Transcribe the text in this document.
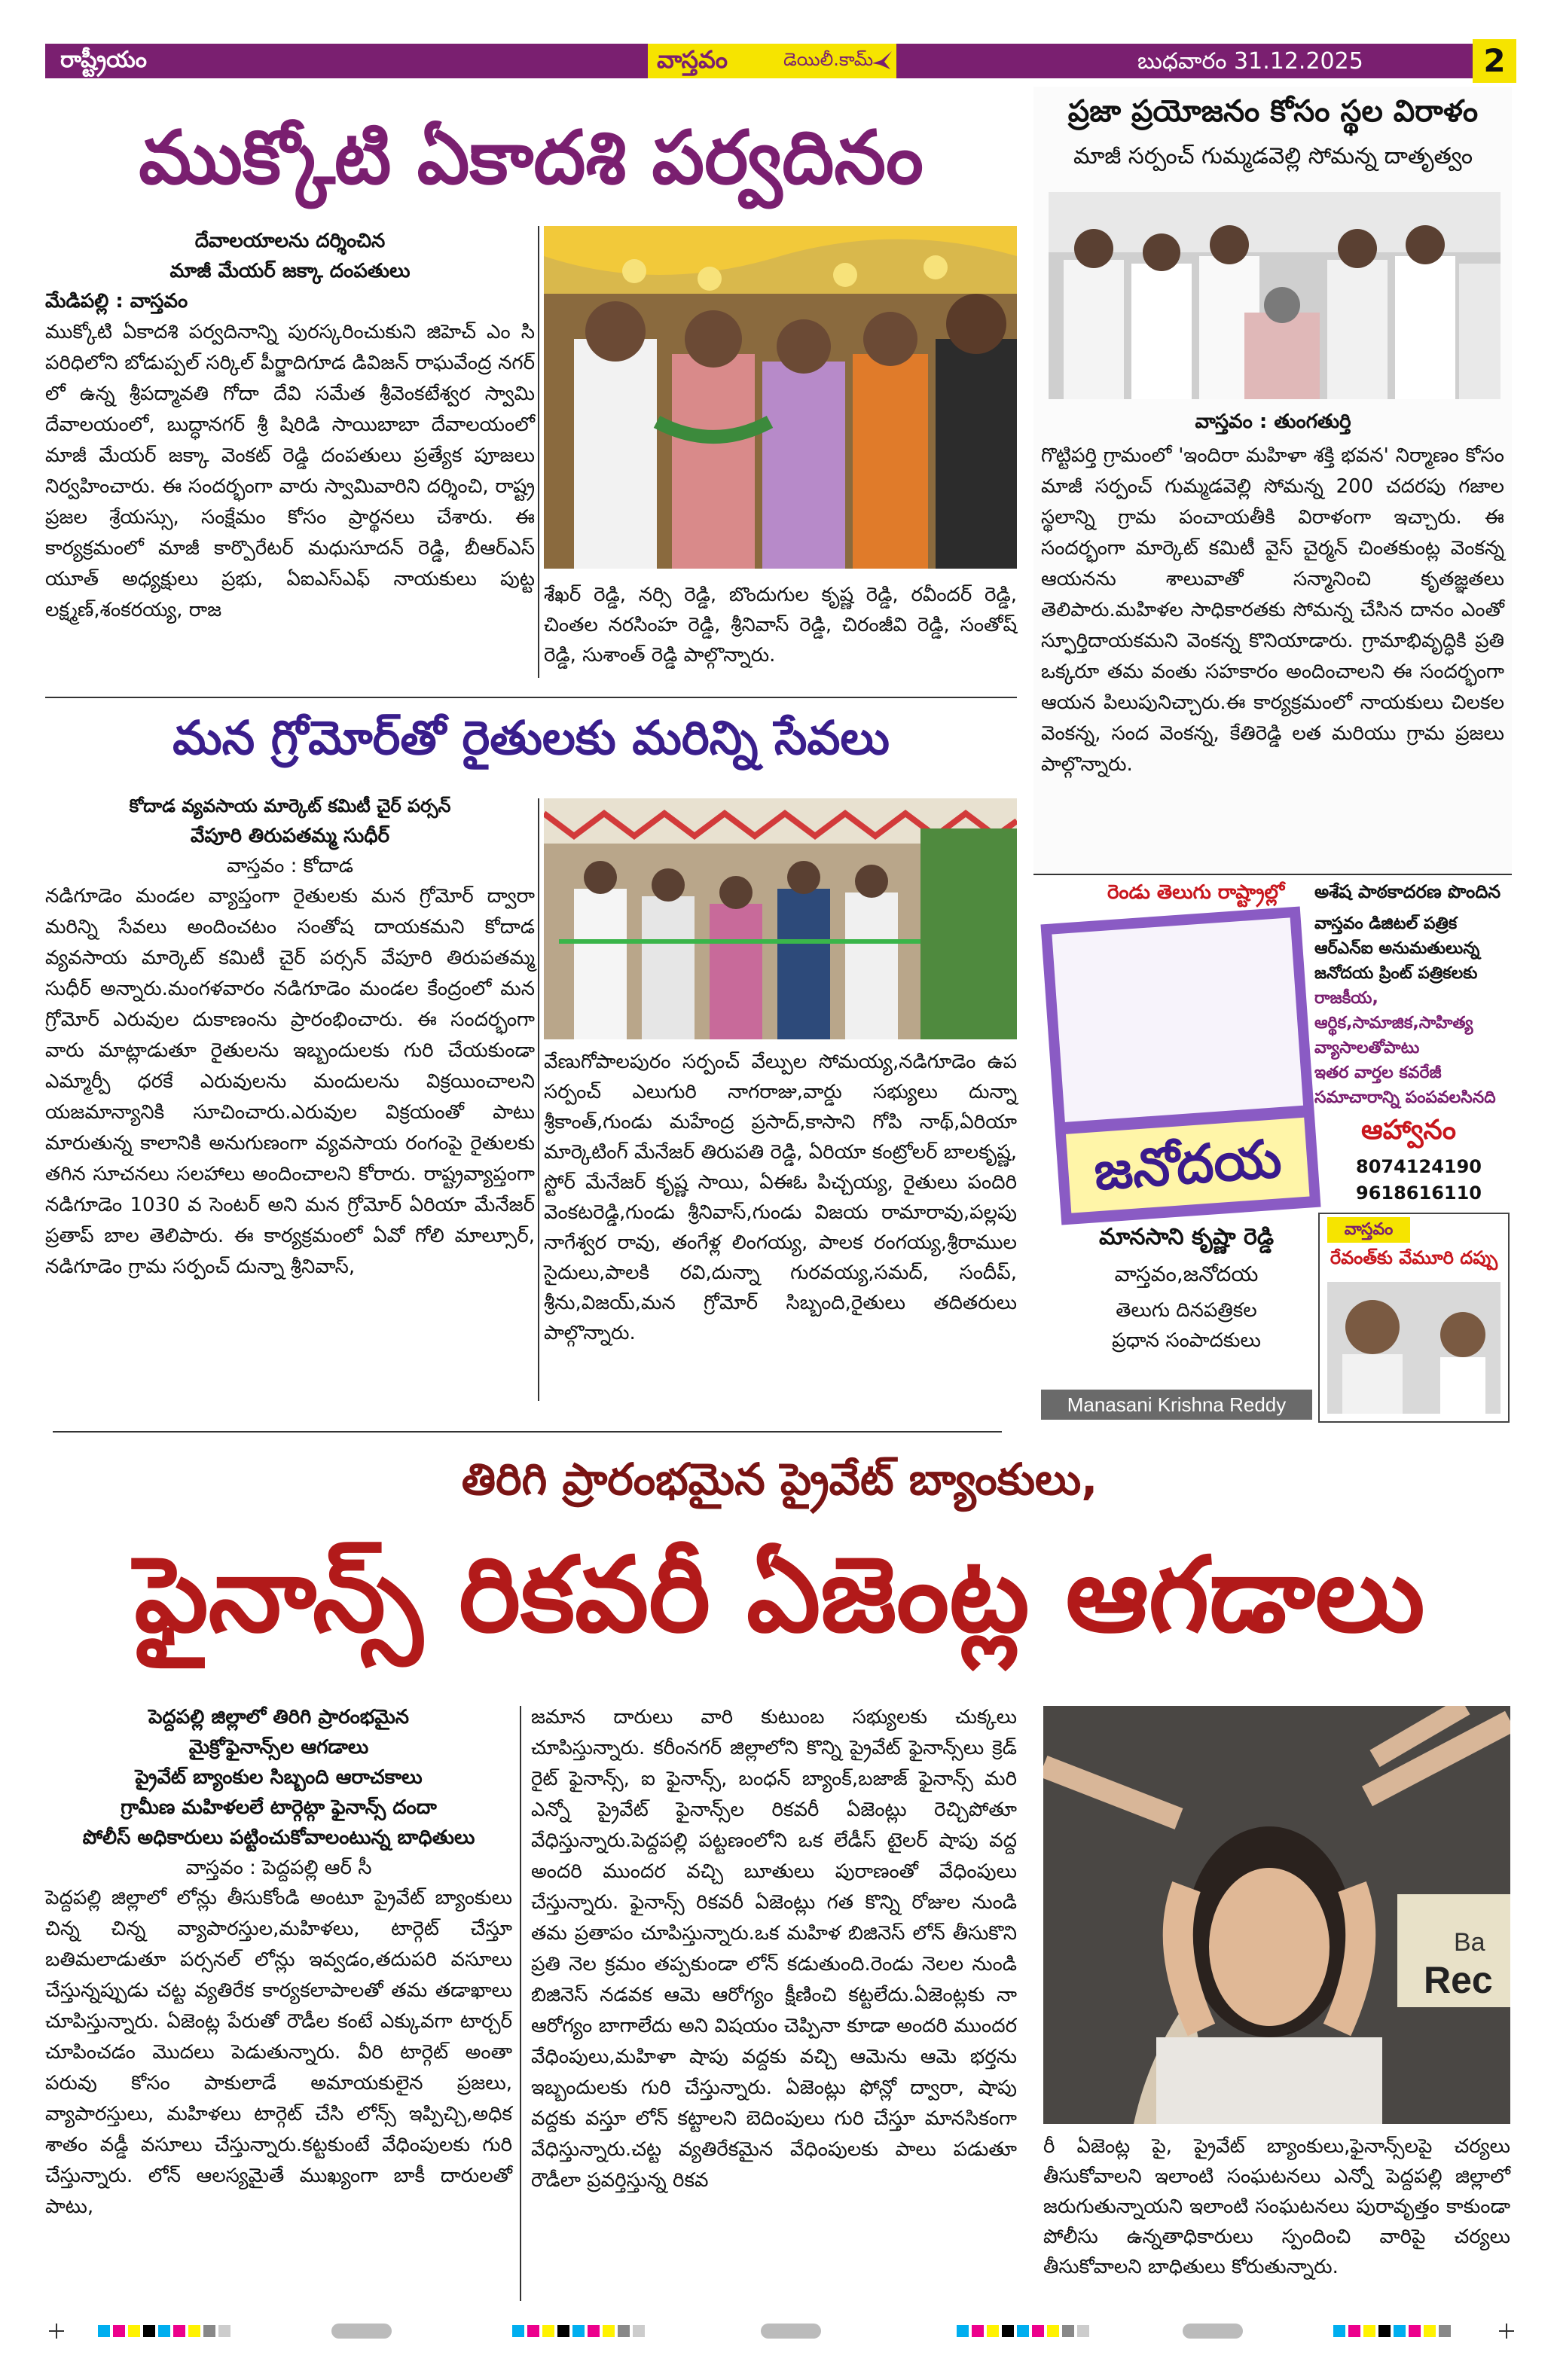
రాష్ట్రీయం	వాస్తవం	డెయిలీ.కామ్	బుధవారం 31.12.2025	2
ముక్కోటి ఏకాదశి పర్వదినం
దేవాలయాలను దర్శించిన
మాజీ మేయర్ జక్కా దంపతులు
మేడిపల్లి : వాస్తవం
ముక్కోటి ఏకాదశి పర్వదినాన్ని పురస్కరించుకుని జిహెచ్ ఎం సి పరిధిలోని బోడుప్పల్ సర్కిల్ పీర్జాదిగూడ డివిజన్ రాఘవేంద్ర నగర్ లో ఉన్న శ్రీపద్మావతి గోదా దేవి సమేత శ్రీవెంకటేశ్వర స్వామి దేవాలయంలో, బుద్ధానగర్ శ్రీ షిరిడి సాయిబాబా దేవాలయంలో మాజీ మేయర్ జక్కా వెంకట్ రెడ్డి దంపతులు ప్రత్యేక పూజలు నిర్వహించారు. ఈ సందర్భంగా వారు స్వామివారిని దర్శించి, రాష్ట్ర ప్రజల శ్రేయస్సు, సంక్షేమం కోసం ప్రార్థనలు చేశారు. ఈ కార్యక్రమంలో మాజీ కార్పొరేటర్ మధుసూదన్ రెడ్డి, బీఆర్ఎస్ యూత్ అధ్యక్షులు ప్రభు, ఏఐఎస్ఎఫ్ నాయకులు పుట్ట లక్ష్మణ్,శంకరయ్య, రాజ
శేఖర్ రెడ్డి, నర్సి రెడ్డి, బొందుగుల కృష్ణ రెడ్డి, రవీందర్ రెడ్డి, చింతల నరసింహ రెడ్డి, శ్రీనివాస్ రెడ్డి, చిరంజీవి రెడ్డి, సంతోష్ రెడ్డి, సుశాంత్ రెడ్డి పాల్గొన్నారు.
ప్రజా ప్రయోజనం కోసం స్థల విరాళం
మాజీ సర్పంచ్ గుమ్మడవెల్లి సోమన్న దాతృత్వం
వాస్తవం : తుంగతుర్తి
గొట్టిపర్తి గ్రామంలో 'ఇందిరా మహిళా శక్తి భవన' నిర్మాణం కోసం మాజీ సర్పంచ్ గుమ్మడవెల్లి సోమన్న 200 చదరపు గజాల స్థలాన్ని గ్రామ పంచాయతీకి విరాళంగా ఇచ్చారు. ఈ సందర్భంగా మార్కెట్ కమిటీ వైస్ చైర్మన్ చింతకుంట్ల వెంకన్న ఆయనను శాలువాతో సన్మానించి కృతజ్ఞతలు తెలిపారు.మహిళల సాధికారతకు సోమన్న చేసిన దానం ఎంతో స్ఫూర్తిదాయకమని వెంకన్న కొనియాడారు. గ్రామాభివృద్ధికి ప్రతి ఒక్కరూ తమ వంతు సహకారం అందించాలని ఈ సందర్భంగా ఆయన పిలుపునిచ్చారు.ఈ కార్యక్రమంలో నాయకులు చిలకల వెంకన్న, సంద వెంకన్న, కేతిరెడ్డి లత మరియు గ్రామ ప్రజలు పాల్గొన్నారు.
రెండు తెలుగు రాష్ట్రాల్లో అశేష పాఠకాదరణ పొందిన
వాస్తవం డిజిటల్ పత్రిక
ఆర్ఎన్ఐ అనుమతులున్న
జనోదయ ప్రింట్ పత్రికలకు
రాజకీయ,
ఆర్థిక,సామాజిక,సాహిత్య
వ్యాసాలతోపాటు
ఇతర వార్తల కవరేజీ
సమాచారాన్ని పంపవలసినది
ఆహ్వానం
8074124190
9618616110
జనోదయ
మానసాని కృష్ణా రెడ్డి
వాస్తవం,జనోదయ
తెలుగు దినపత్రికల
ప్రధాన సంపాదకులు
Manasani Krishna Reddy
వాస్తవం
రేవంత్‌కు వేమూరి దప్పు
మన గ్రోమోర్‌తో రైతులకు మరిన్ని సేవలు
కోదాడ వ్యవసాయ మార్కెట్ కమిటీ చైర్ పర్సన్
వేపూరి తిరుపతమ్మ సుధీర్
వాస్తవం : కోదాడ
నడిగూడెం మండల వ్యాప్తంగా రైతులకు మన గ్రోమోర్ ద్వారా మరిన్ని సేవలు అందించటం సంతోష దాయకమని కోదాడ వ్యవసాయ మార్కెట్ కమిటీ చైర్ పర్సన్ వేపూరి తిరుపతమ్మ సుధీర్ అన్నారు.మంగళవారం నడిగూడెం మండల కేంద్రంలో మన గ్రోమోర్ ఎరువుల దుకాణంను ప్రారంభించారు. ఈ సందర్భంగా వారు మాట్లాడుతూ రైతులను ఇబ్బందులకు గురి చేయకుండా ఎమ్మార్పీ ధరకే ఎరువులను మందులను విక్రయించాలని యజమాన్యానికి సూచించారు.ఎరువుల విక్రయంతో పాటు మారుతున్న కాలానికి అనుగుణంగా వ్యవసాయ రంగంపై రైతులకు తగిన సూచనలు సలహాలు అందించాలని కోరారు. రాష్ట్రవ్యాప్తంగా నడిగూడెం 1030 వ సెంటర్ అని మన గ్రోమోర్ ఏరియా మేనేజర్ ప్రతాప్ బాల తెలిపారు. ఈ కార్యక్రమంలో ఏవో గోలి మాల్సూర్, నడిగూడెం గ్రామ సర్పంచ్ దున్నా శ్రీనివాస్,
వేణుగోపాలపురం సర్పంచ్ వేల్పుల సోమయ్య,నడిగూడెం ఉప సర్పంచ్ ఎలుగురి నాగరాజు,వార్డు సభ్యులు దున్నా శ్రీకాంత్,గుండు మహేంద్ర ప్రసాద్,కాసాని గోపి నాథ్,ఏరియా మార్కెటింగ్ మేనేజర్ తిరుపతి రెడ్డి, ఏరియా కంట్రోలర్ బాలకృష్ణ, స్టోర్ మేనేజర్ కృష్ణ సాయి, ఏఈఓ పిచ్చయ్య, రైతులు పందిరి వెంకటరెడ్డి,గుండు శ్రీనివాస్,గుండు విజయ రామారావు,పల్లపు నాగేశ్వర రావు, తంగేళ్ల లింగయ్య, పాలక రంగయ్య,శ్రీరాముల సైదులు,పాలకి రవి,దున్నా గురవయ్య,సమద్, సందీప్, శ్రీను,విజయ్,మన గ్రోమోర్ సిబ్బంది,రైతులు తదితరులు పాల్గొన్నారు.
తిరిగి ప్రారంభమైన ప్రైవేట్ బ్యాంకులు,
ఫైనాన్స్ రికవరీ ఏజెంట్ల ఆగడాలు
పెద్దపల్లి జిల్లాలో తిరిగి ప్రారంభమైన
మైక్రోఫైనాన్స్‌ల ఆగడాలు
ప్రైవేట్ బ్యాంకుల సిబ్బంది ఆరాచకాలు
గ్రామీణ మహిళలలే టార్గెట్గా ఫైనాన్స్ దందా
పోలీస్ అధికారులు పట్టించుకోవాలంటున్న బాధితులు
వాస్తవం : పెద్దపల్లి ఆర్ సీ
పెద్దపల్లి జిల్లాలో లోన్లు తీసుకోండి అంటూ ప్రైవేట్ బ్యాంకులు చిన్న చిన్న వ్యాపారస్తుల,మహిళలు, టార్గెట్ చేస్తూ బతిమలాడుతూ పర్సనల్ లోన్లు ఇవ్వడం,తదుపరి వసూలు చేస్తున్నప్పుడు చట్ట వ్యతిరేక కార్యకలాపాలతో తమ తడాఖాలు చూపిస్తున్నారు. ఏజెంట్ల పేరుతో రౌడీల కంటే ఎక్కువగా టార్చర్ చూపించడం మొదలు పెడుతున్నారు. వీరి టార్గెట్ అంతా పరువు కోసం పాకులాడే అమాయకులైన ప్రజలు, వ్యాపారస్తులు, మహిళలు టార్గెట్ చేసి లోన్స్ ఇప్పిచ్చి,అధిక శాతం వడ్డీ వసూలు చేస్తున్నారు.కట్టకుంటే వేధింపులకు గురి చేస్తున్నారు. లోన్ ఆలస్యమైతే ముఖ్యంగా బాకీ దారులతో పాటు,
జమాన దారులు వారి కుటుంబ సభ్యులకు చుక్కలు చూపిస్తున్నారు. కరీంనగర్ జిల్లాలోని కొన్ని ప్రైవేట్ ఫైనాన్స్‌లు క్రెడ్ రైట్ ఫైనాన్స్, ఐ ఫైనాన్స్, బంధన్ బ్యాంక్,బజాజ్ ఫైనాన్స్ మరి ఎన్నో ప్రైవేట్ ఫైనాన్స్‌ల రికవరీ ఏజెంట్లు రెచ్చిపోతూ వేధిస్తున్నారు.పెద్దపల్లి పట్టణంలోని ఒక లేడీస్ టైలర్ షాపు వద్ద అందరి ముందర వచ్చి బూతులు పురాణంతో వేధింపులు చేస్తున్నారు. ఫైనాన్స్ రికవరీ ఏజెంట్లు గత కొన్ని రోజుల నుండి తమ ప్రతాపం చూపిస్తున్నారు.ఒక మహిళ బిజినెస్ లోన్ తీసుకొని ప్రతి నెల క్రమం తప్పకుండా లోన్ కడుతుంది.రెండు నెలల నుండి బిజినెస్ నడవక ఆమె ఆరోగ్యం క్షీణించి కట్టలేదు.ఏజెంట్లకు నా ఆరోగ్యం బాగాలేదు అని విషయం చెప్పినా కూడా అందరి ముందర వేధింపులు,మహిళా షాపు వద్దకు వచ్చి ఆమెను ఆమె భర్తను ఇబ్బందులకు గురి చేస్తున్నారు. ఏజెంట్లు ఫోన్లో ద్వారా, షాపు వద్దకు వస్తూ లోన్ కట్టాలని బెదింపులు గురి చేస్తూ మానసికంగా వేధిస్తున్నారు.చట్ట వ్యతిరేకమైన వేధింపులకు పాలు పడుతూ రౌడీలా ప్రవర్తిస్తున్న రికవ
Ba
Rec
రీ ఏజెంట్ల పై, ప్రైవేట్ బ్యాంకులు,ఫైనాన్స్‌లపై చర్యలు తీసుకోవాలని ఇలాంటి సంఘటనలు ఎన్నో పెద్దపల్లి జిల్లాలో జరుగుతున్నాయని ఇలాంటి సంఘటనలు పురావృత్తం కాకుండా పోలీసు ఉన్నతాధికారులు స్పందించి వారిపై చర్యలు తీసుకోవాలని బాధితులు కోరుతున్నారు.
